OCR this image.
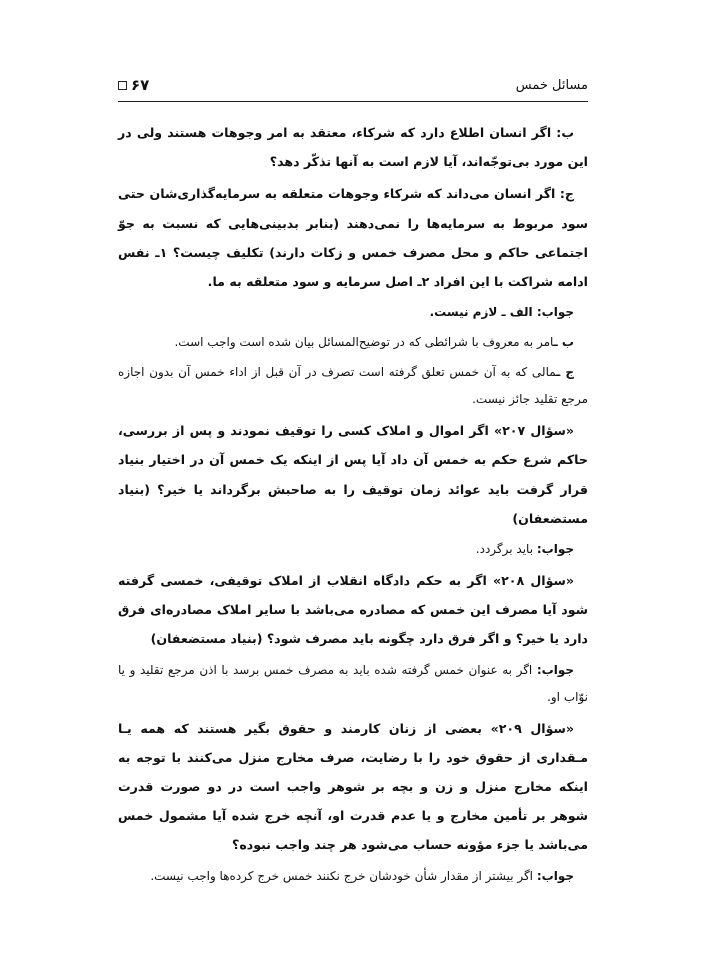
مسائل خمس
۶۷

ب: اگر انسان اطلاع دارد که شرکاء، معتقد به امر وجوهات هستند ولی در این مورد بی‌توجّه‌اند، آیا لازم است به آنها تذکّر دهد؟

ج: اگر انسان می‌داند که شرکاء وجوهات متعلقه به سرمایه‌گذاری‌شان حتی سود مربوط به سرمایه‌ها را نمی‌دهند (بنابر بدبینی‌هایی که نسبت به جوّ اجتماعی حاکم و محل مصرف خمس و زکات دارند) تکلیف چیست؟ ۱ـ نفس ادامه شراکت با این افراد ۲ـ اصل سرمایه و سود متعلقه به ما.

جواب: الف ـ لازم نیست.

ب ـامر به معروف با شرائطی که در توضیح‌المسائل بیان شده است واجب است.

ج ـمالی که به آن خمس تعلق گرفته است تصرف در آن قبل از اداء خمس آن بدون اجازه مرجع تقلید جائز نیست.

«سؤال ۲۰۷» اگر اموال و املاک کسی را توقیف نمودند و پس از بررسی، حاکم شرع حکم به خمس آن داد آیا پس از اینکه یک خمس آن در اختیار بنیاد قرار گرفت باید عوائد زمان توقیف را به صاحبش برگرداند یا خیر؟ (بنیاد مستضعفان)

جواب: باید برگردد.

«سؤال ۲۰۸» اگر به حکم دادگاه انقلاب از املاک توقیفی، خمسی گرفته شود آیا مصرف این خمس که مصادره می‌باشد با سایر املاک مصادره‌ای فرق دارد یا خیر؟ و اگر فرق دارد چگونه باید مصرف شود؟ (بنیاد مستضعفان)

جواب: اگر به عنوان خمس گرفته شده باید به مصرف خمس برسد با اذن مرجع تقلید و یا نوّاب او.

«سؤال ۲۰۹» بعضی از زنان کارمند و حقوق بگیر هستند که همه یـا مـقداری از حقوق خود را با رضایت، صرف مخارج منزل می‌کنند با توجه به اینکه مخارج منزل و زن و بچه بر شوهر واجب است در دو صورت قدرت شوهر بر تأمین مخارج و یا عدم قدرت او، آنچه خرج شده آیا مشمول خمس می‌باشد یا جزء مؤونه حساب می‌شود هر چند واجب نبوده؟

جواب: اگر بیشتر از مقدار شأن خودشان خرج نکنند خمس خرج کرده‌ها واجب نیست.
